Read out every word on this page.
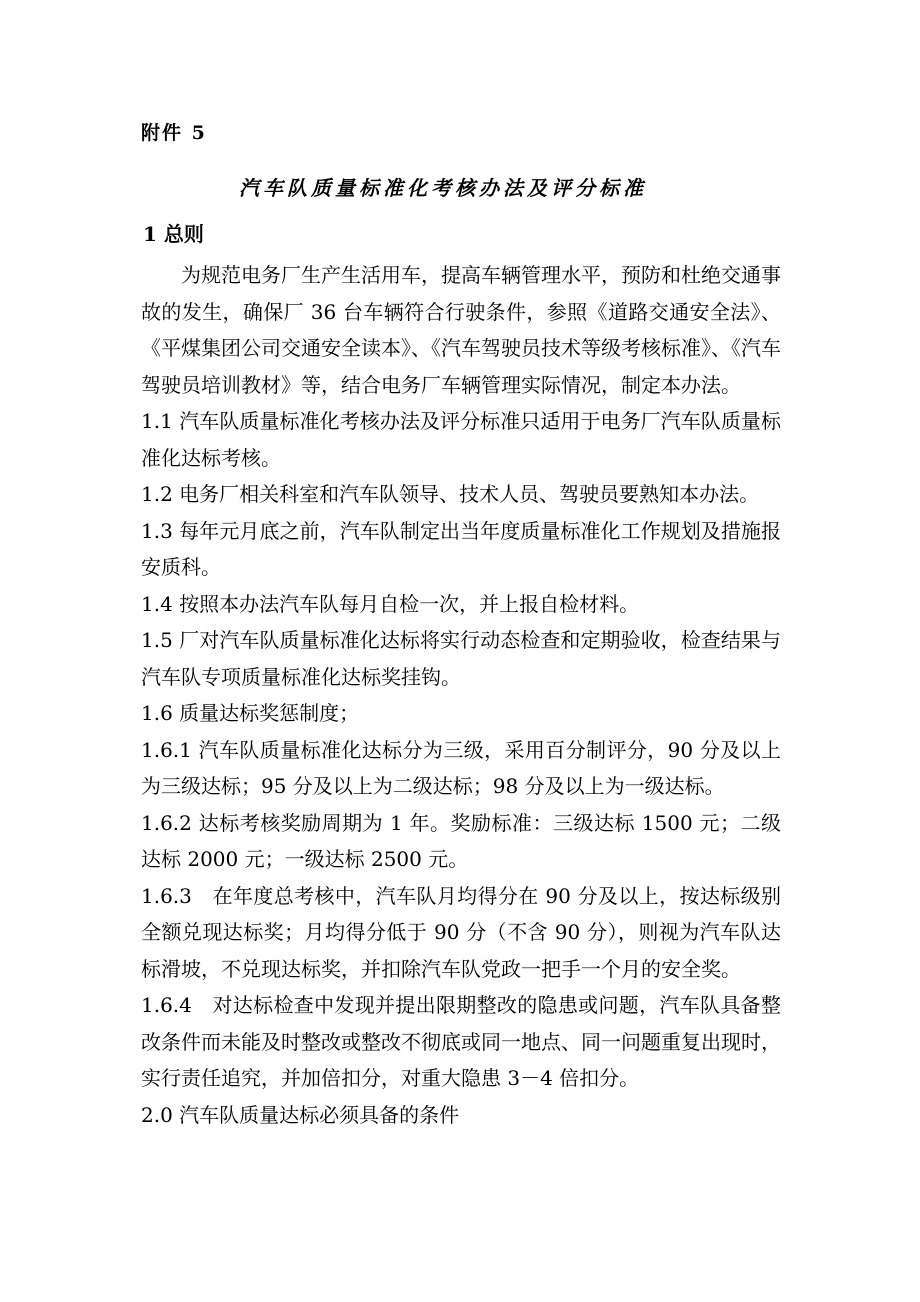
附件 5
汽车队质量标准化考核办法及评分标准
1 总则

为规范电务厂生产生活用车，提高车辆管理水平，预防和杜绝交通事故的发生，确保厂 36 台车辆符合行驶条件，参照《道路交通安全法》、《平煤集团公司交通安全读本》、《汽车驾驶员技术等级考核标准》、《汽车驾驶员培训教材》等，结合电务厂车辆管理实际情况，制定本办法。

1.1 汽车队质量标准化考核办法及评分标准只适用于电务厂汽车队质量标准化达标考核。

1.2 电务厂相关科室和汽车队领导、技术人员、驾驶员要熟知本办法。

1.3 每年元月底之前，汽车队制定出当年度质量标准化工作规划及措施报安质科。

1.4 按照本办法汽车队每月自检一次，并上报自检材料。

1.5 厂对汽车队质量标准化达标将实行动态检查和定期验收，检查结果与汽车队专项质量标准化达标奖挂钩。

1.6 质量达标奖惩制度；

1.6.1 汽车队质量标准化达标分为三级，采用百分制评分，90 分及以上为三级达标；95 分及以上为二级达标；98 分及以上为一级达标。

1.6.2 达标考核奖励周期为 1 年。奖励标准：三级达标 1500 元；二级达标 2000 元；一级达标 2500 元。

1.6.3　在年度总考核中，汽车队月均得分在 90 分及以上，按达标级别全额兑现达标奖；月均得分低于 90 分（不含 90 分），则视为汽车队达标滑坡，不兑现达标奖，并扣除汽车队党政一把手一个月的安全奖。

1.6.4　对达标检查中发现并提出限期整改的隐患或问题，汽车队具备整改条件而未能及时整改或整改不彻底或同一地点、同一问题重复出现时，实行责任追究，并加倍扣分，对重大隐患 3－4 倍扣分。

2.0 汽车队质量达标必须具备的条件
